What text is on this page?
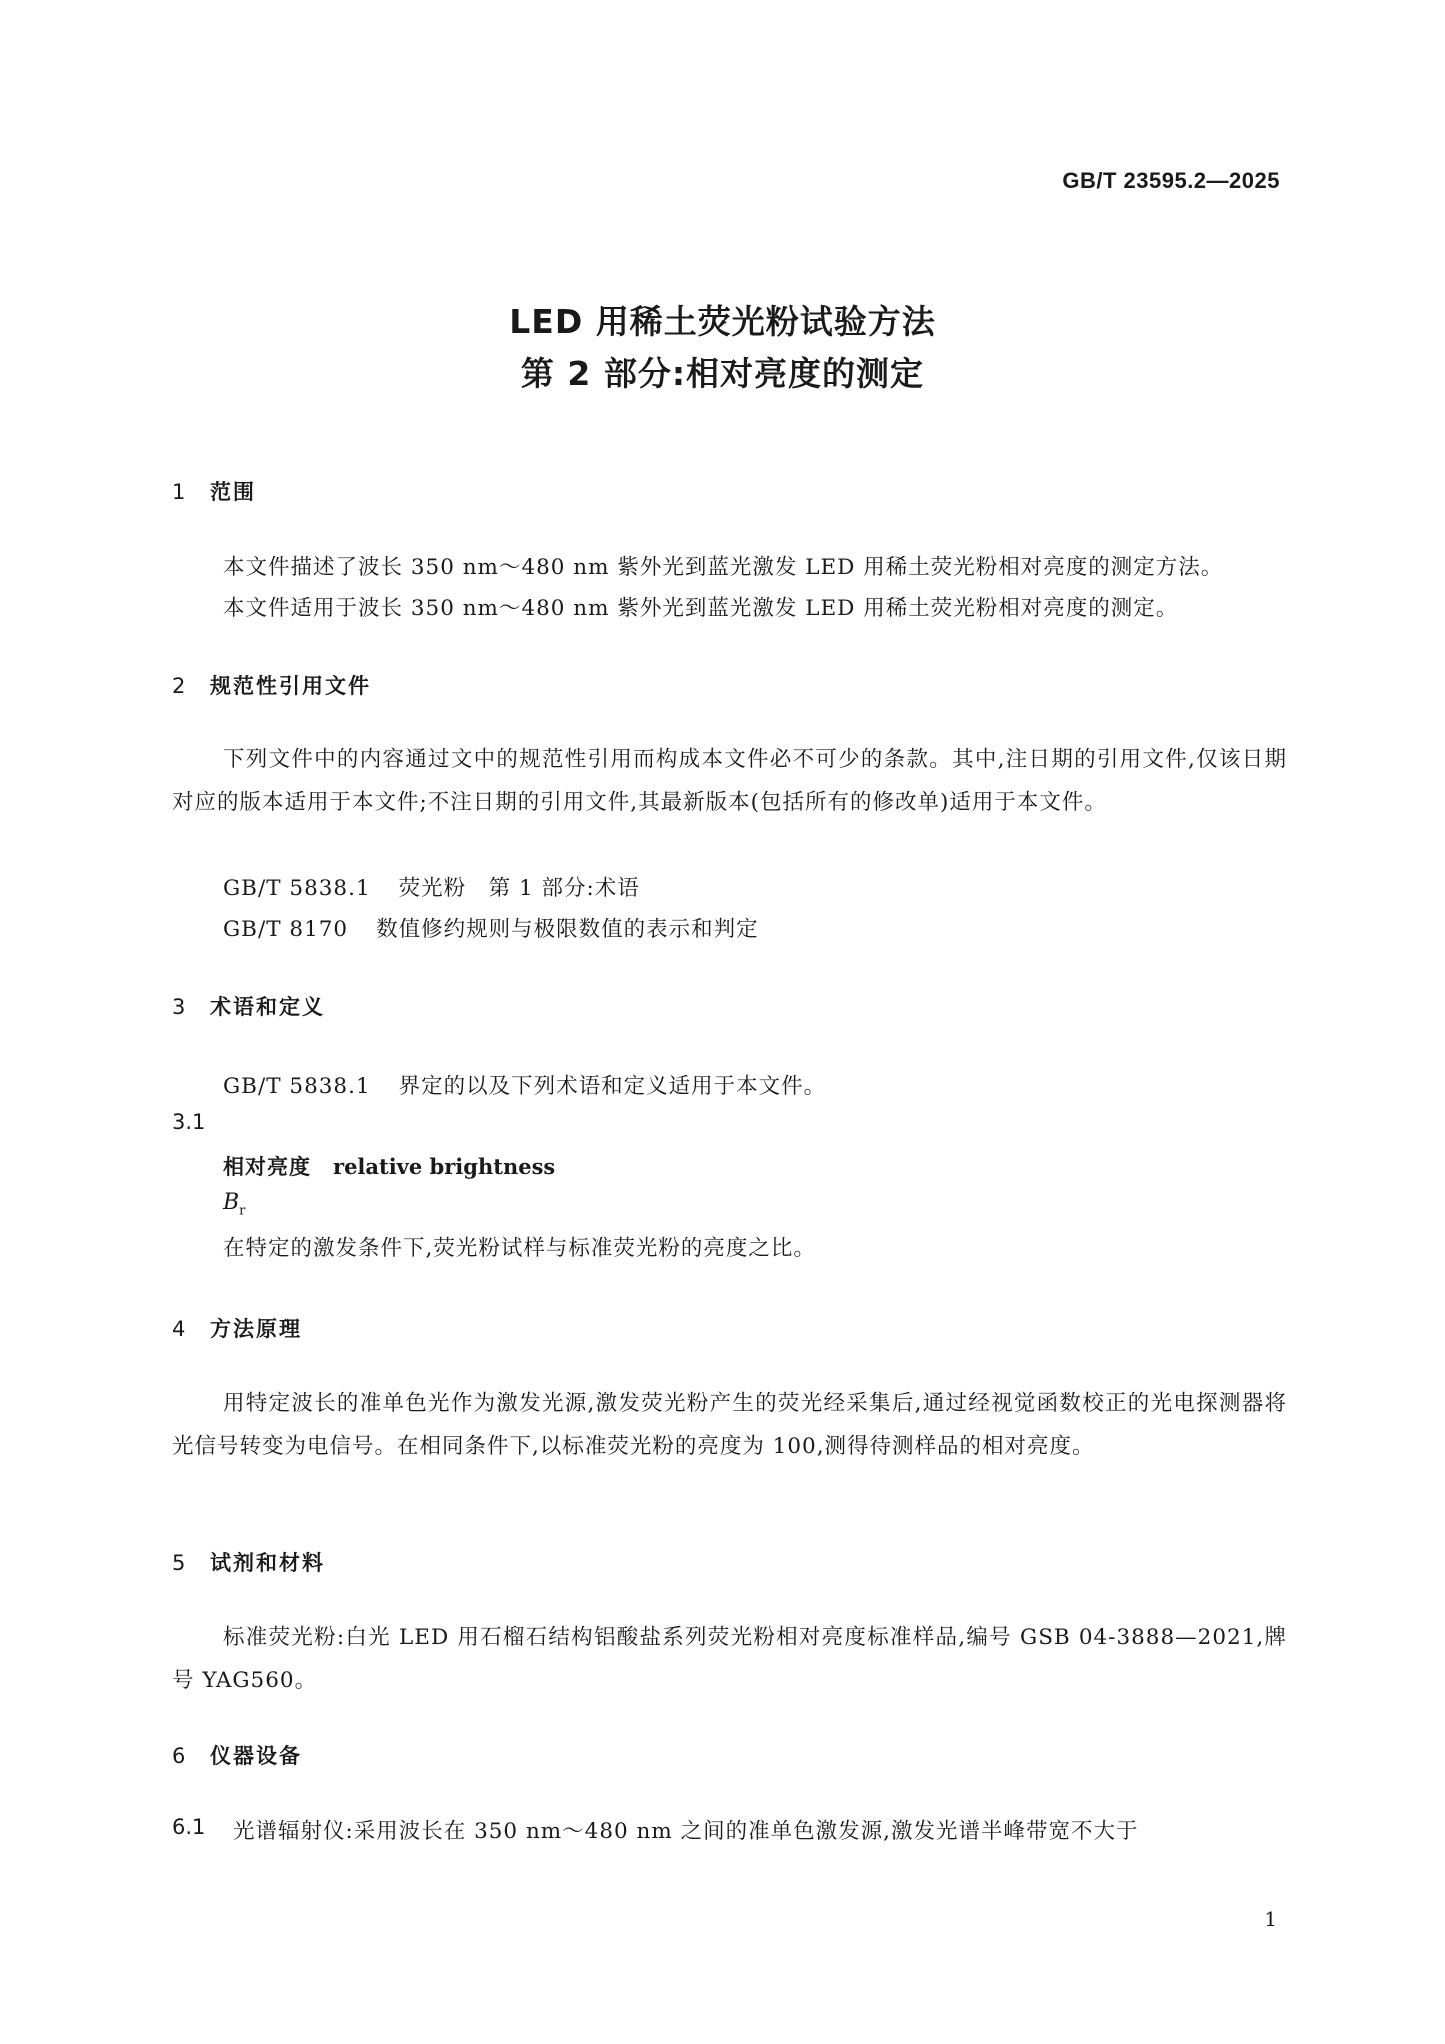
GB/T 23595.2—2025
LED 用稀土荧光粉试验方法
第 2 部分:相对亮度的测定
1 范围
本文件描述了波长 350 nm～480 nm 紫外光到蓝光激发 LED 用稀土荧光粉相对亮度的测定方法。
本文件适用于波长 350 nm～480 nm 紫外光到蓝光激发 LED 用稀土荧光粉相对亮度的测定。
2 规范性引用文件
下列文件中的内容通过文中的规范性引用而构成本文件必不可少的条款。其中,注日期的引用文件,仅该日期对应的版本适用于本文件;不注日期的引用文件,其最新版本(包括所有的修改单)适用于本文件。
GB/T 5838.1 荧光粉　第 1 部分:术语
GB/T 8170 数值修约规则与极限数值的表示和判定
3 术语和定义
GB/T 5838.1 界定的以及下列术语和定义适用于本文件。
3.1
相对亮度 relative brightness
$B_r$
在特定的激发条件下,荧光粉试样与标准荧光粉的亮度之比。
4 方法原理
用特定波长的准单色光作为激发光源,激发荧光粉产生的荧光经采集后,通过经视觉函数校正的光电探测器将光信号转变为电信号。在相同条件下,以标准荧光粉的亮度为 100,测得待测样品的相对亮度。
5 试剂和材料
标准荧光粉:白光 LED 用石榴石结构铝酸盐系列荧光粉相对亮度标准样品,编号 GSB 04-3888—2021,牌号 YAG560。
6 仪器设备
6.1 光谱辐射仪:采用波长在 350 nm～480 nm 之间的准单色激发源,激发光谱半峰带宽不大于
1
